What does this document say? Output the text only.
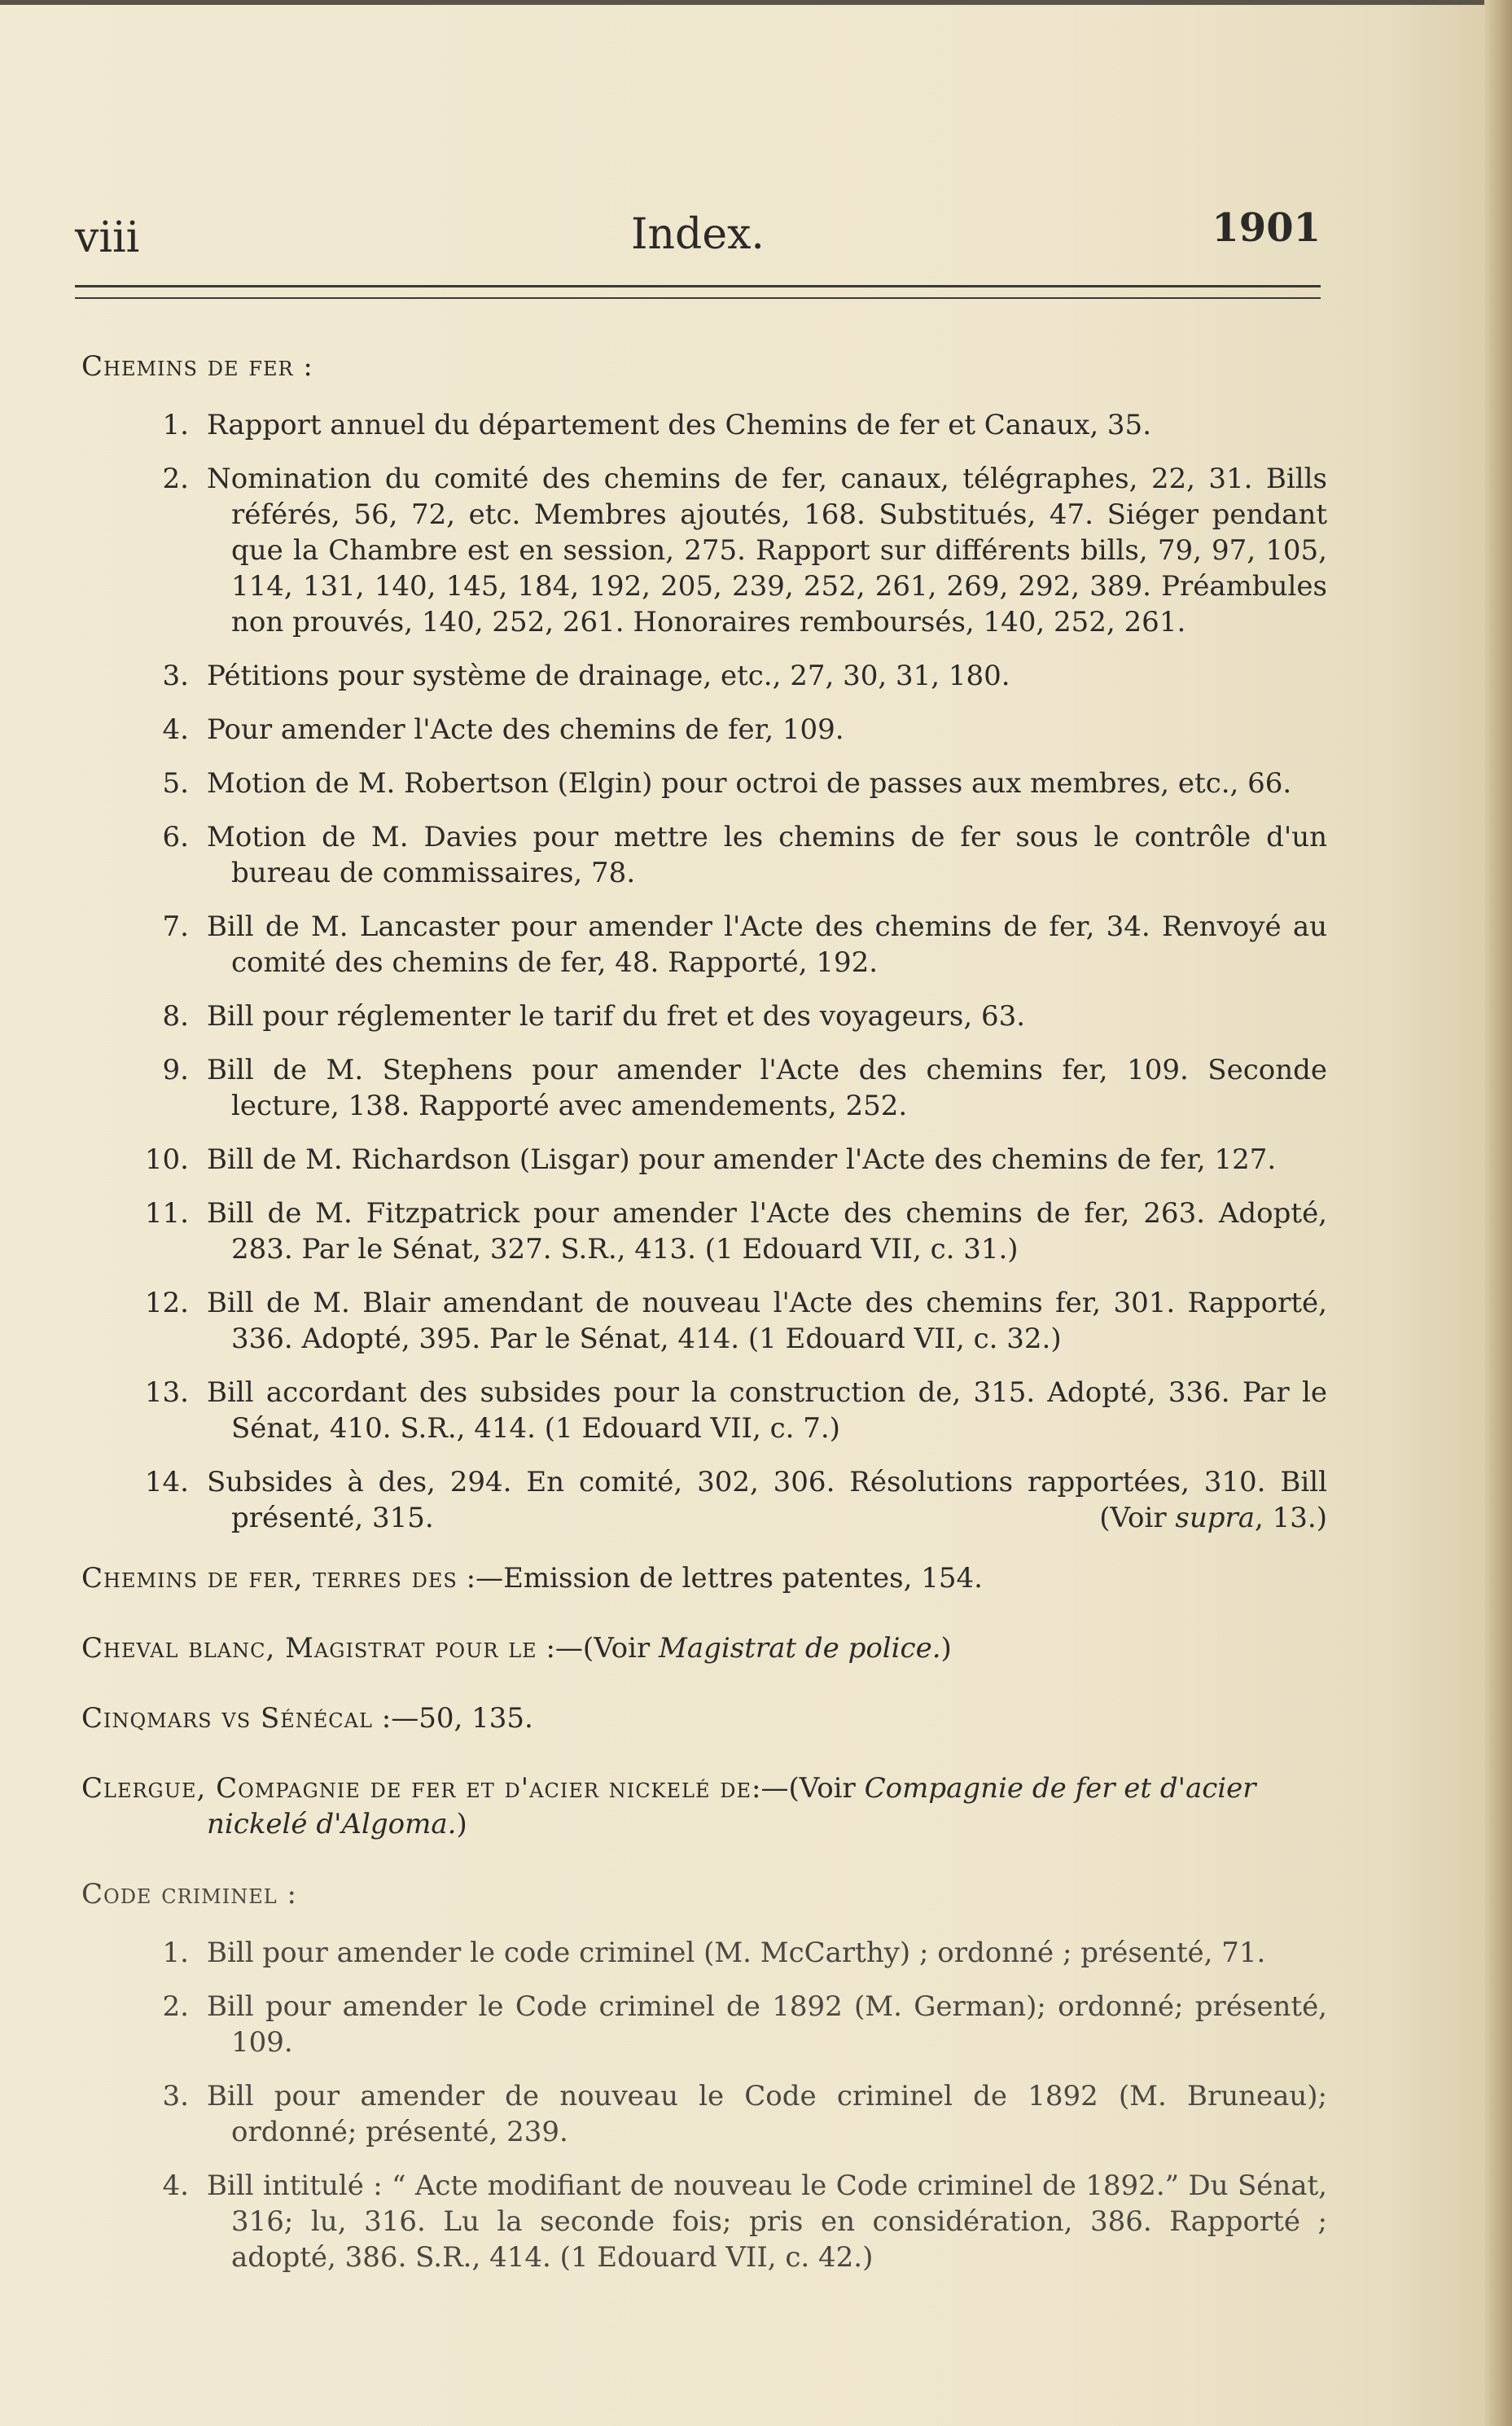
viii	Index.	1901
Chemins de fer :
1. Rapport annuel du département des Chemins de fer et Canaux, 35.
2. Nomination du comité des chemins de fer, canaux, télégraphes, 22, 31. Bills référés, 56, 72, etc. Membres ajoutés, 168. Substitués, 47. Siéger pendant que la Chambre est en session, 275. Rapport sur différents bills, 79, 97, 105, 114, 131, 140, 145, 184, 192, 205, 239, 252, 261, 269, 292, 389. Préambules non prouvés, 140, 252, 261. Honoraires remboursés, 140, 252, 261.
3. Pétitions pour système de drainage, etc., 27, 30, 31, 180.
4. Pour amender l'Acte des chemins de fer, 109.
5. Motion de M. Robertson (Elgin) pour octroi de passes aux membres, etc., 66.
6. Motion de M. Davies pour mettre les chemins de fer sous le contrôle d'un bureau de commissaires, 78.
7. Bill de M. Lancaster pour amender l'Acte des chemins de fer, 34. Renvoyé au comité des chemins de fer, 48. Rapporté, 192.
8. Bill pour réglementer le tarif du fret et des voyageurs, 63.
9. Bill de M. Stephens pour amender l'Acte des chemins fer, 109. Seconde lecture, 138. Rapporté avec amendements, 252.
10. Bill de M. Richardson (Lisgar) pour amender l'Acte des chemins de fer, 127.
11. Bill de M. Fitzpatrick pour amender l'Acte des chemins de fer, 263. Adopté, 283. Par le Sénat, 327. S.R., 413. (1 Edouard VII, c. 31.)
12. Bill de M. Blair amendant de nouveau l'Acte des chemins fer, 301. Rapporté, 336. Adopté, 395. Par le Sénat, 414. (1 Edouard VII, c. 32.)
13. Bill accordant des subsides pour la construction de, 315. Adopté, 336. Par le Sénat, 410. S.R., 414. (1 Edouard VII, c. 7.)
14. Subsides à des, 294. En comité, 302, 306. Résolutions rapportées, 310. Bill présenté, 315.	(Voir supra, 13.)
Chemins de fer, terres des :—Emission de lettres patentes, 154.
Cheval blanc, Magistrat pour le :—(Voir Magistrat de police.)
Cinqmars vs Sénécal :—50, 135.
Clergue, Compagnie de fer et d'acier nickelé de:—(Voir Compagnie de fer et d'acier nickelé d'Algoma.)
Code criminel :
1. Bill pour amender le code criminel (M. McCarthy) ; ordonné ; présenté, 71.
2. Bill pour amender le Code criminel de 1892 (M. German); ordonné; présenté, 109.
3. Bill pour amender de nouveau le Code criminel de 1892 (M. Bruneau); ordonné; présenté, 239.
4. Bill intitulé : “ Acte modifiant de nouveau le Code criminel de 1892.” Du Sénat, 316; lu, 316. Lu la seconde fois; pris en considération, 386. Rapporté ; adopté, 386. S.R., 414. (1 Edouard VII, c. 42.)
